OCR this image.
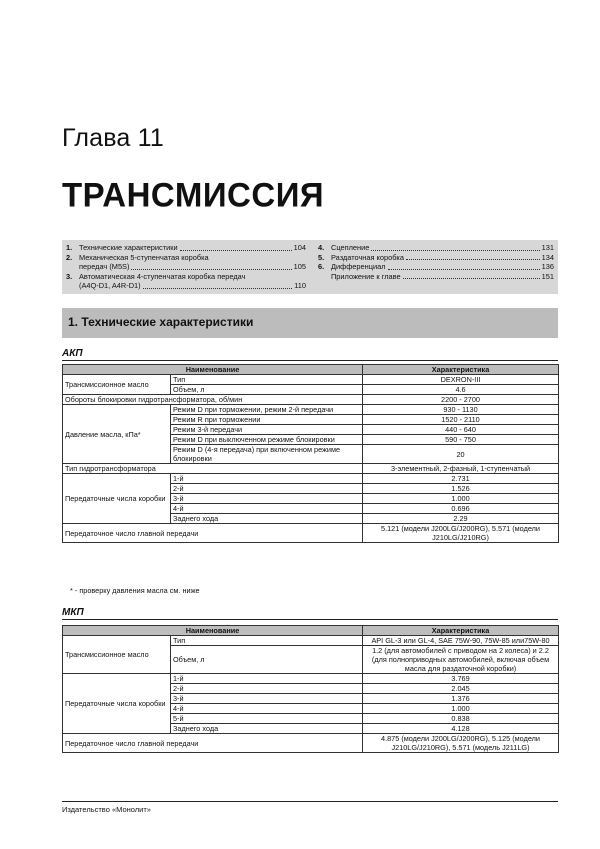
Глава 11
ТРАНСМИССИЯ
1. Технические характеристики	104
2. Механическая 5-ступенчатая коробка
передач (M5S)	105
3. Автоматическая 4-ступенчатая коробка передач
(A4Q-D1, A4R-D1)	110
4. Сцепление	131
5. Раздаточная коробка	134
6. Дифференциал	136
Приложение к главе	151
1. Технические характеристики
АКП
Наименование		Характеристика
Трансмиссионное масло	Тип	DEXRON-III
	Объем, л	4.6
Обороты блокировки гидротрансформатора, об/мин		2200 - 2700
Давление масла, кПа*	Режим D при торможении, режим 2-й передачи	930 - 1130
	Режим R при торможении	1520 - 2110
	Режим 3-й передачи	440 - 640
	Режим D при выключенном режиме блокировки	590 - 750
	Режим D (4-я передача) при включенном режиме блокировки	20
Тип гидротрансформатора		3-элементный, 2-фазный, 1-ступенчатый
Передаточные числа коробки	1-й	2.731
	2-й	1.526
	3-й	1.000
	4-й	0.696
	Заднего хода	2.29
Передаточное число главной передачи		5.121 (модели J200LG/J200RG), 5.571 (модели J210LG/J210RG)
* - проверку давления масла см. ниже
МКП
Наименование		Характеристика
Трансмиссионное масло	Тип	API GL-3 или GL-4, SAE 75W-90, 75W-85 или75W-80
	Объем, л	1.2 (для автомобилей с приводом на 2 колеса) и 2.2 (для полноприводных автомобилей, включая объем масла для раздаточной коробки)
Передаточные числа коробки	1-й	3.769
	2-й	2.045
	3-й	1.376
	4-й	1.000
	5-й	0.838
	Заднего хода	4.128
Передаточное число главной передачи		4.875 (модели J200LG/J200RG), 5.125 (модели J210LG/J210RG), 5.571 (модель J211LG)
Издательство «Монолит»
